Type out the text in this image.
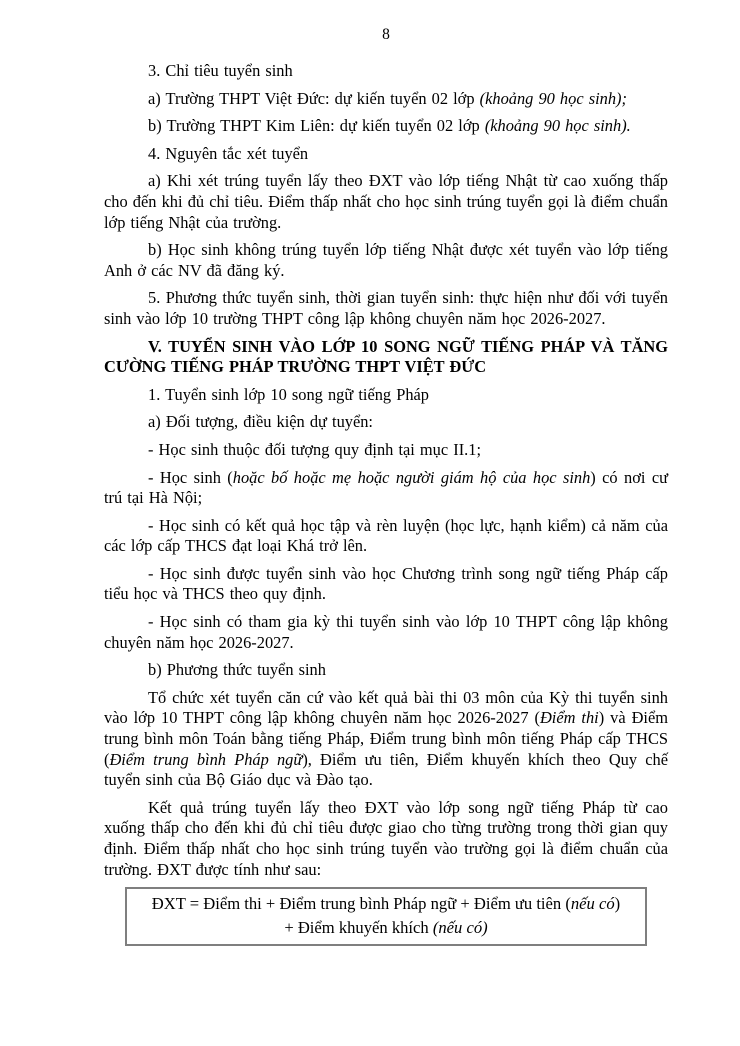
8

3. Chỉ tiêu tuyển sinh

a) Trường THPT Việt Đức: dự kiến tuyển 02 lớp (khoảng 90 học sinh);

b) Trường THPT Kim Liên: dự kiến tuyển 02 lớp (khoảng 90 học sinh).

4. Nguyên tắc xét tuyển

a) Khi xét trúng tuyển lấy theo ĐXT vào lớp tiếng Nhật từ cao xuống thấp cho đến khi đủ chỉ tiêu. Điểm thấp nhất cho học sinh trúng tuyển gọi là điểm chuẩn lớp tiếng Nhật của trường.

b) Học sinh không trúng tuyển lớp tiếng Nhật được xét tuyển vào lớp tiếng Anh ở các NV đã đăng ký.

5. Phương thức tuyển sinh, thời gian tuyển sinh: thực hiện như đối với tuyển sinh vào lớp 10 trường THPT công lập không chuyên năm học 2026-2027.

V. TUYỂN SINH VÀO LỚP 10 SONG NGỮ TIẾNG PHÁP VÀ TĂNG CƯỜNG TIẾNG PHÁP TRƯỜNG THPT VIỆT ĐỨC

1. Tuyển sinh lớp 10 song ngữ tiếng Pháp

a) Đối tượng, điều kiện dự tuyển:

- Học sinh thuộc đối tượng quy định tại mục II.1;

- Học sinh (hoặc bố hoặc mẹ hoặc người giám hộ của học sinh) có nơi cư trú tại Hà Nội;

- Học sinh có kết quả học tập và rèn luyện (học lực, hạnh kiểm) cả năm của các lớp cấp THCS đạt loại Khá trở lên.

- Học sinh được tuyển sinh vào học Chương trình song ngữ tiếng Pháp cấp tiểu học và THCS theo quy định.

- Học sinh có tham gia kỳ thi tuyển sinh vào lớp 10 THPT công lập không chuyên năm học 2026-2027.

b) Phương thức tuyển sinh

Tổ chức xét tuyển căn cứ vào kết quả bài thi 03 môn của Kỳ thi tuyển sinh vào lớp 10 THPT công lập không chuyên năm học 2026-2027 (Điểm thi) và Điểm trung bình môn Toán bằng tiếng Pháp, Điểm trung bình môn tiếng Pháp cấp THCS (Điểm trung bình Pháp ngữ), Điểm ưu tiên, Điểm khuyến khích theo Quy chế tuyển sinh của Bộ Giáo dục và Đào tạo.

Kết quả trúng tuyển lấy theo ĐXT vào lớp song ngữ tiếng Pháp từ cao xuống thấp cho đến khi đủ chỉ tiêu được giao cho từng trường trong thời gian quy định. Điểm thấp nhất cho học sinh trúng tuyển vào trường gọi là điểm chuẩn của trường. ĐXT được tính như sau:

ĐXT = Điểm thi + Điểm trung bình Pháp ngữ + Điểm ưu tiên (nếu có)
+ Điểm khuyến khích (nếu có)
